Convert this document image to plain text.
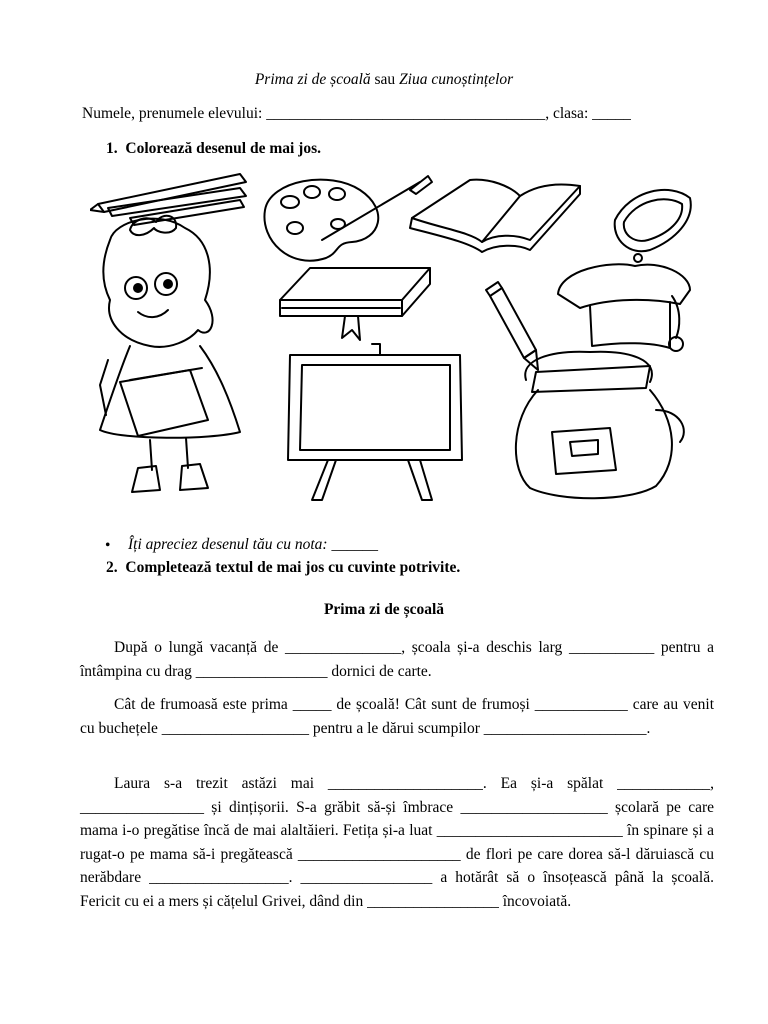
Prima zi de școală sau Ziua cunoștințelor
Numele, prenumele elevului: ____________________________________, clasa: _____
1. Colorează desenul de mai jos.
• Îți apreciez desenul tău cu nota: ______
2. Completează textul de mai jos cu cuvinte potrivite.
Prima zi de școală
După o lungă vacanță de _______________, școala și-a deschis larg ___________ pentru a întâmpina cu drag _________________ dornici de carte.
Cât de frumoasă este prima _____ de școală! Cât sunt de frumoși ____________ care au venit cu buchețele ___________________ pentru a le dărui scumpilor _____________________.
Laura s-a trezit astăzi mai ____________________. Ea și-a spălat ____________, ________________ și dințișorii. S-a grăbit să-și îmbrace ___________________ școlară pe care mama i-o pregătise încă de mai alaltăieri. Fetița și-a luat ________________________ în spinare și a rugat-o pe mama să-i pregătească _____________________ de flori pe care dorea să-l dăruiască cu nerăbdare __________________. _________________ a hotărât să o însoțească până la școală. Fericit cu ei a mers și cățelul Grivei, dând din _________________ încovoiată.
